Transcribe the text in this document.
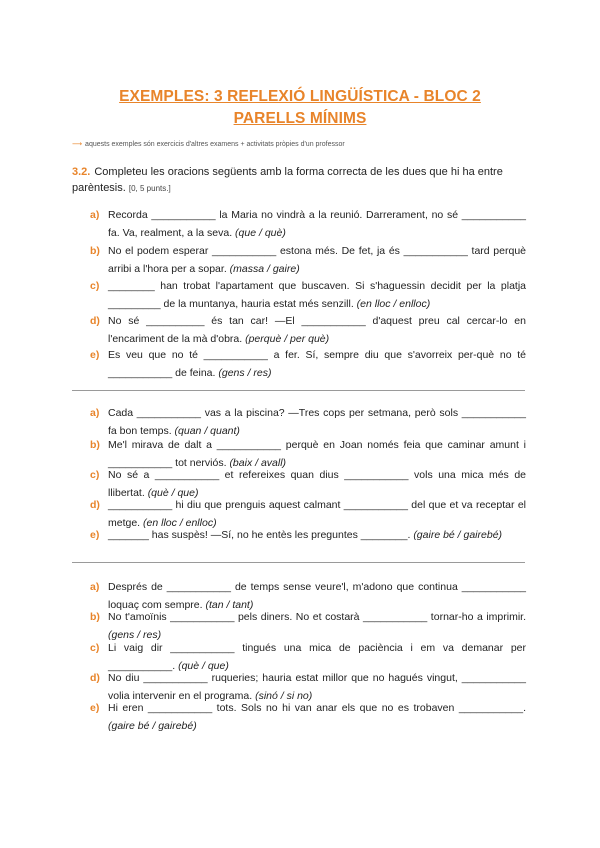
EXEMPLES: 3 REFLEXIÓ LINGÜÍSTICA - BLOC 2
PARELLS MÍNIMS
⟶ aquests exemples són exercicis d'altres examens + activitats pròpies d'un professor
3.2. Completeu les oracions següents amb la forma correcta de les dues que hi ha entre parèntesis. [0, 5 punts.]
a) Recorda ___________ la Maria no vindrà a la reunió. Darrerament, no sé ___________ fa. Va, realment, a la seva. (que / què)
b) No el podem esperar ___________ estona més. De fet, ja és ___________ tard perquè arribi a l'hora per a sopar. (massa / gaire)
c) ________ han trobat l'apartament que buscaven. Si s'haguessin decidit per la platja _________ de la muntanya, hauria estat més senzill. (en lloc / enlloc)
d) No sé __________ és tan car! —El ___________ d'aquest preu cal cercar-lo en l'encariment de la mà d'obra. (perquè / per què)
e) Es veu que no té ___________ a fer. Sí, sempre diu que s'avorreix per-què no té ___________ de feina. (gens / res)
a) Cada ___________ vas a la piscina? —Tres cops per setmana, però sols ___________ fa bon temps. (quan / quant)
b) Me'l mirava de dalt a ___________ perquè en Joan només feia que caminar amunt i ___________ tot nerviós. (baix / avall)
c) No sé a ___________ et refereixes quan dius ___________ vols una mica més de llibertat. (què / que)
d) ___________ hi diu que prenguis aquest calmant ___________ del que et va receptar el metge. (en lloc / enlloc)
e) _______ has suspès! —Sí, no he entès les preguntes ________. (gaire bé / gairebé)
a) Després de ___________ de temps sense veure'l, m'adono que continua ___________ loquaç com sempre. (tan / tant)
b) No t'amoïnis ___________ pels diners. No et costarà ___________ tornar-ho a imprimir. (gens / res)
c) Li vaig dir ___________ tingués una mica de paciència i em va demanar per ___________. (què / que)
d) No diu ___________ ruqueries; hauria estat millor que no hagués vingut, ___________ volia intervenir en el programa. (sinó / si no)
e) Hi eren ___________ tots. Sols no hi van anar els que no es trobaven ___________. (gaire bé / gairebé)
